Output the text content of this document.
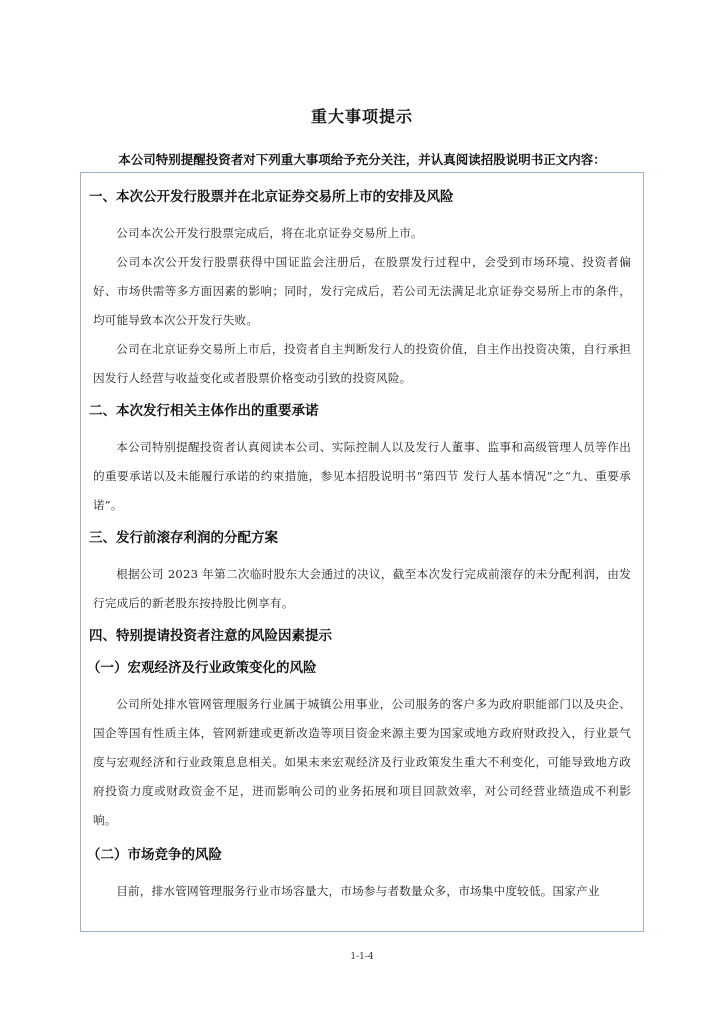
重大事项提示
本公司特别提醒投资者对下列重大事项给予充分关注，并认真阅读招股说明书正文内容：
一、本次公开发行股票并在北京证券交易所上市的安排及风险

公司本次公开发行股票完成后，将在北京证券交易所上市。

公司本次公开发行股票获得中国证监会注册后，在股票发行过程中，会受到市场环境、投资者偏好、市场供需等多方面因素的影响；同时，发行完成后，若公司无法满足北京证券交易所上市的条件，均可能导致本次公开发行失败。

公司在北京证券交易所上市后，投资者自主判断发行人的投资价值，自主作出投资决策，自行承担因发行人经营与收益变化或者股票价格变动引致的投资风险。

二、本次发行相关主体作出的重要承诺

本公司特别提醒投资者认真阅读本公司、实际控制人以及发行人董事、监事和高级管理人员等作出的重要承诺以及未能履行承诺的约束措施，参见本招股说明书“第四节 发行人基本情况”之“九、重要承诺”。

三、发行前滚存利润的分配方案

根据公司 2023 年第二次临时股东大会通过的决议，截至本次发行完成前滚存的未分配利润，由发行完成后的新老股东按持股比例享有。

四、特别提请投资者注意的风险因素提示
（一）宏观经济及行业政策变化的风险

公司所处排水管网管理服务行业属于城镇公用事业，公司服务的客户多为政府职能部门以及央企、国企等国有性质主体，管网新建或更新改造等项目资金来源主要为国家或地方政府财政投入，行业景气度与宏观经济和行业政策息息相关。如果未来宏观经济及行业政策发生重大不利变化，可能导致地方政府投资力度或财政资金不足，进而影响公司的业务拓展和项目回款效率，对公司经营业绩造成不利影响。

（二）市场竞争的风险

目前，排水管网管理服务行业市场容量大，市场参与者数量众多，市场集中度较低。国家产业

1-1-4
